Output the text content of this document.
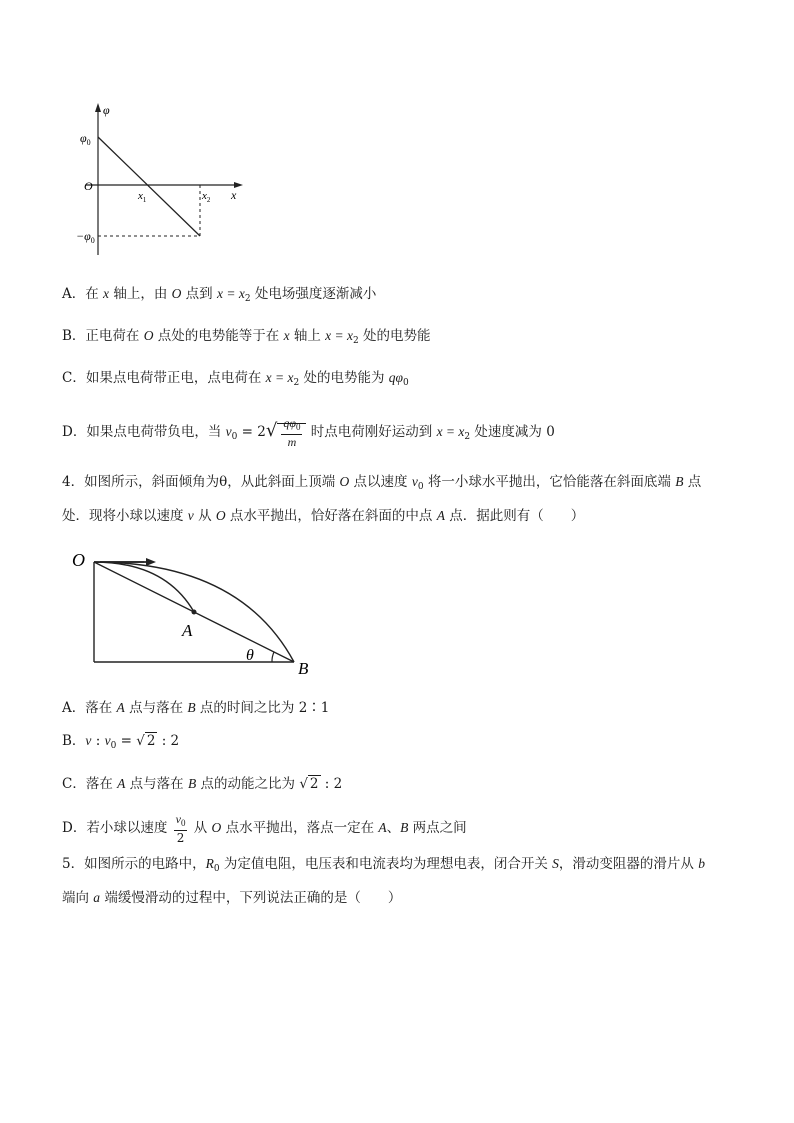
φ
$\varphi_0$
O
x
$x_1$	$x_2$
$-\varphi_0$
A．在 x 轴上，由 O 点到 $x = x_2$ 处电场强度逐渐减小
B．正电荷在 O 点处的电势能等于在 x 轴上 $x = x_2$ 处的电势能
C．如果点电荷带正电，点电荷在 $x = x_2$ 处的电势能为 $q\varphi_0$
D．如果点电荷带负电，当 $v_0 = 2√ \frac{q\varphi_0}{m}$ 时点电荷刚好运动到 $x = x_2$ 处速度减为 0
4．如图所示，斜面倾角为θ，从此斜面上顶端 O 点以速度 $v_0$ 将一小球水平抛出，它恰能落在斜面底端 B 点
处．现将小球以速度 v 从 O 点水平抛出，恰好落在斜面的中点 A 点．据此则有（　　）
O
A
B
θ
A．落在 A 点与落在 B 点的时间之比为 2∶1
B．v : $v_0$ = √ 2 : 2
C．落在 A 点与落在 B 点的动能之比为 √ 2 : 2
D．若小球以速度 $\frac{v_0}{2}$ 从 O 点水平抛出，落点一定在 A、B 两点之间
5．如图所示的电路中，$R_0$ 为定值电阻，电压表和电流表均为理想电表，闭合开关 S，滑动变阻器的滑片从 b
端向 a 端缓慢滑动的过程中，下列说法正确的是（　　）
